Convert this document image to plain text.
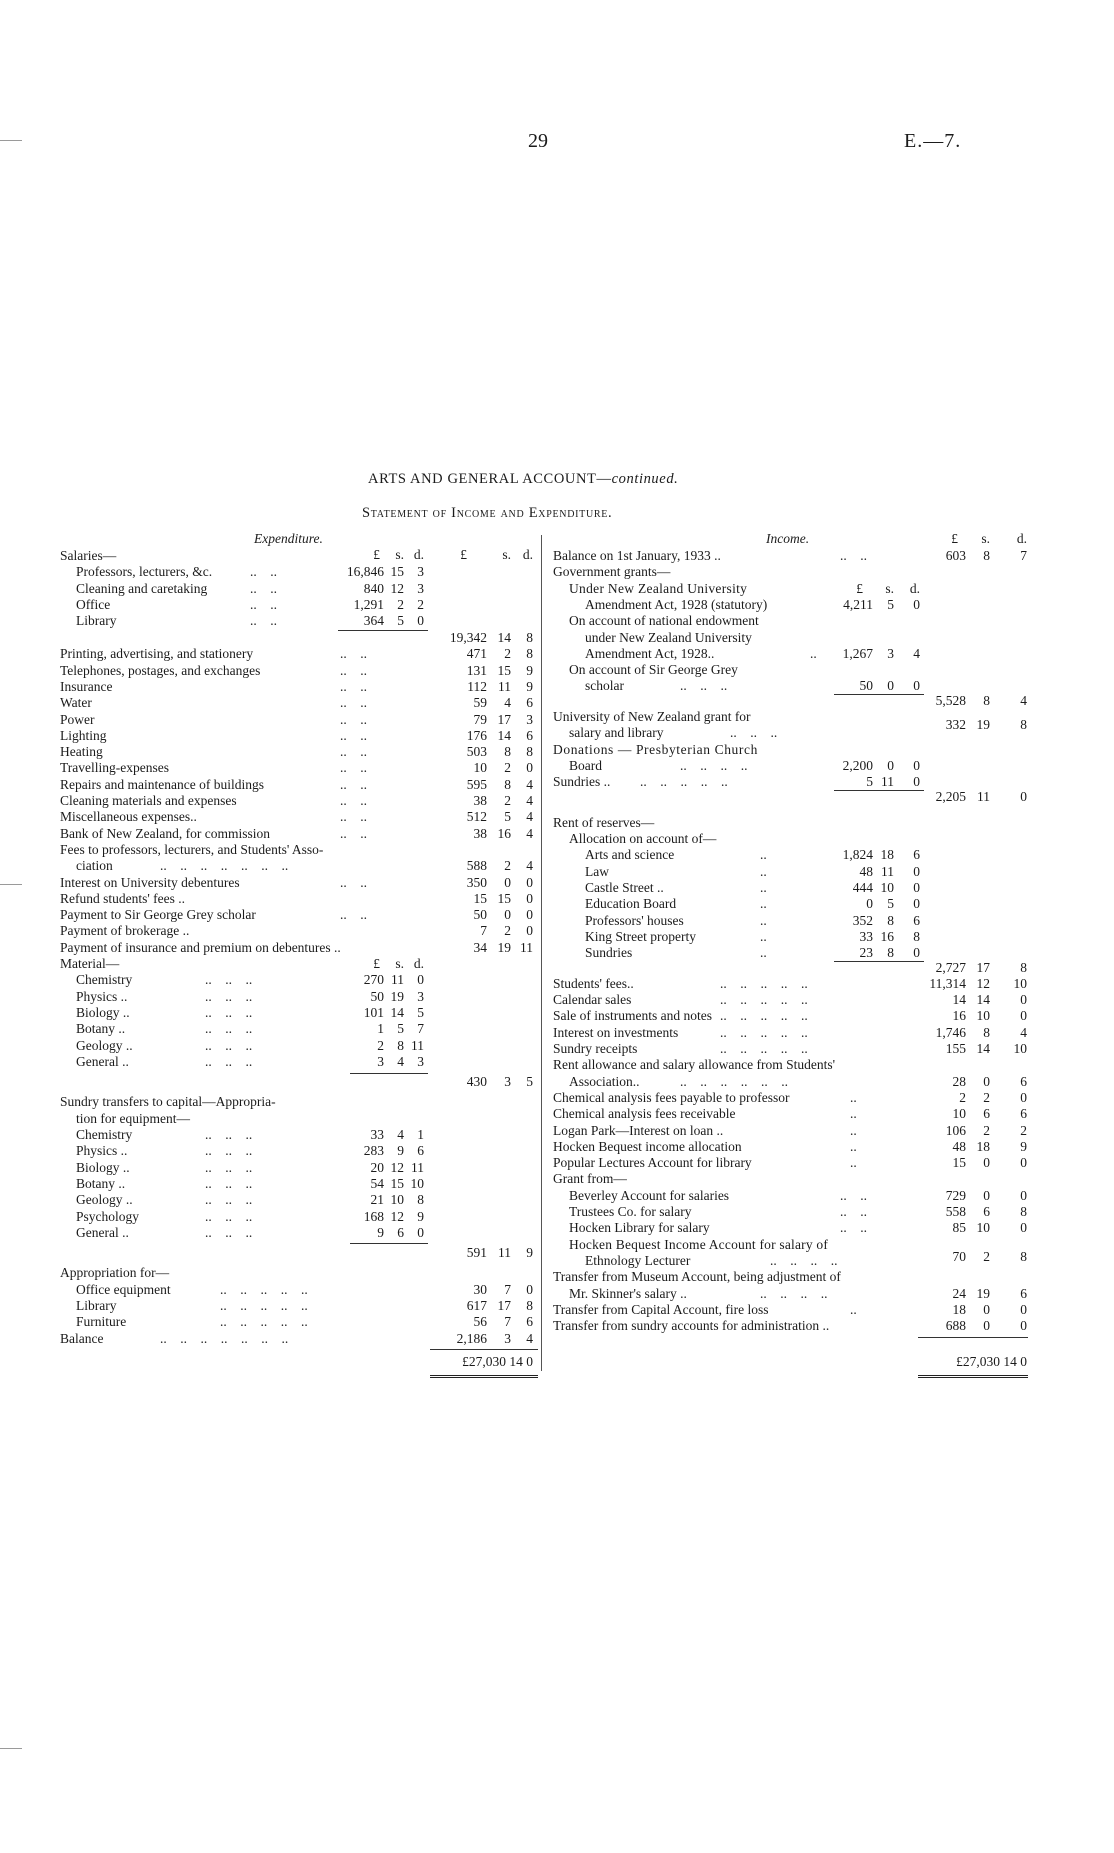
29	E.—7.
ARTS AND GENERAL ACCOUNT—continued.
Statement of Income and Expenditure.
Expenditure.
£	s. d.	£	s. d.
Salaries—
Professors, lecturers, &c.	..    ..	16,846 15 3
Cleaning and caretaking	..    ..	840 12 3
Office	..    ..	1,291 2 2
Library	..    ..	364 5 0
19,342 14	8
Printing, advertising, and stationery	..    ..	471	2	8
Telephones, postages, and exchanges	..    ..	131 15	9
Insurance	..    ..	112 11	9
Water	..    ..	59	4	6
Power	..    ..	79 17	3
Lighting	..    ..	176 14	6
Heating	..    ..	503	8	8
Travelling-expenses	..    ..	10	2	0
Repairs and maintenance of buildings	..    ..	595	8	4
Cleaning materials and expenses	..    ..	38	2	4
Miscellaneous expenses..	..    ..	512	5	4
Bank of New Zealand, for commission	..    ..	38 16	4
Fees to professors, lecturers, and Students' Asso-
ciation	..    ..    ..    ..    ..    ..    ..	588	2	4
Interest on University debentures	..    ..	350	0	0
Refund students' fees ..	15 15	0
Payment to Sir George Grey scholar	..    ..	50	0	0
Payment of brokerage ..	7	2	0
Payment of insurance and premium on debentures ..	34 19 11
Material—	£	s. d.
Chemistry	..    ..    ..	270 11 0
Physics ..	..    ..    ..	50 19 3
Biology ..	..    ..    ..	101 14 5
Botany ..	..    ..    ..	1 5 7
Geology ..	..    ..    ..	2 8 11
General ..	..    ..    ..	3 4 3
430	3	5
Sundry transfers to capital—Appropria-
tion for equipment—
Chemistry	..    ..    ..	33 4 1
Physics ..	..    ..    ..	283 9 6
Biology ..	..    ..    ..	20 12 11
Botany ..	..    ..    ..	54 15 10
Geology ..	..    ..    ..	21 10 8
Psychology	..    ..    ..	168 12 9
General ..	..    ..    ..	9 6 0
591 11	9
Appropriation for—
Office equipment	..    ..    ..    ..    ..	30	7	0
Library	..    ..    ..    ..    ..	617 17	8
Furniture	..    ..    ..    ..    ..	56	7	6
Balance	..    ..    ..    ..    ..    ..    ..	2,186	3	4
£27,030 14 0
Income.	£	s.	d.
Balance on 1st January, 1933 ..	..    ..	603	8	7
Government grants—
Under New Zealand University	£	s.	d.
Amendment Act, 1928 (statutory)	4,211	5	0
On account of national endowment
under New Zealand University
Amendment Act, 1928..	..	1,267	3	4
On account of Sir George Grey
scholar	..    ..    ..	50	0	0
5,528	8	4
University of New Zealand grant for
salary and library	..    ..    ..
332 19	8
Donations — Presbyterian Church
Board	..    ..    ..    ..	2,200	0	0
Sundries .. ..    ..    ..    ..    ..	5 11	0
2,205 11	0
Rent of reserves—
Allocation on account of—
Arts and science	..	1,824 18	6
Law	..	48 11	0
Castle Street ..	..	444 10	0
Education Board	..	0	5	0
Professors' houses	..	352	8	6
King Street property	..	33 16	8
Sundries	..	23	8	0
2,727 17	8
Students' fees..	..    ..    ..    ..    ..	11,314 12	10
Calendar sales	..    ..    ..    ..    ..	14 14	0
Sale of instruments and notes ..    ..    ..    ..    ..	16 10	0
Interest on investments	..    ..    ..    ..    ..	1,746	8	4
Sundry receipts	..    ..    ..    ..    ..	155 14	10
Rent allowance and salary allowance from Students'
Association..	..    ..    ..    ..    ..    ..	28	0	6
Chemical analysis fees payable to professor	..	2	2	0
Chemical analysis fees receivable	..	10	6	6
Logan Park—Interest on loan ..	..	106	2	2
Hocken Bequest income allocation	..	48 18	9
Popular Lectures Account for library	..	15	0	0
Grant from—
Beverley Account for salaries	..    ..	729	0	0
Trustees Co. for salary	..    ..	558	6	8
Hocken Library for salary	..    ..	85 10	0
Hocken Bequest Income Account for salary of
Ethnology Lecturer	..    ..    ..    ..	70	2	8
Transfer from Museum Account, being adjustment of
Mr. Skinner's salary ..	..    ..    ..    ..	24 19	6
Transfer from Capital Account, fire loss	..	18	0	0
Transfer from sundry accounts for administration ..	688	0	0
£27,030 14 0
